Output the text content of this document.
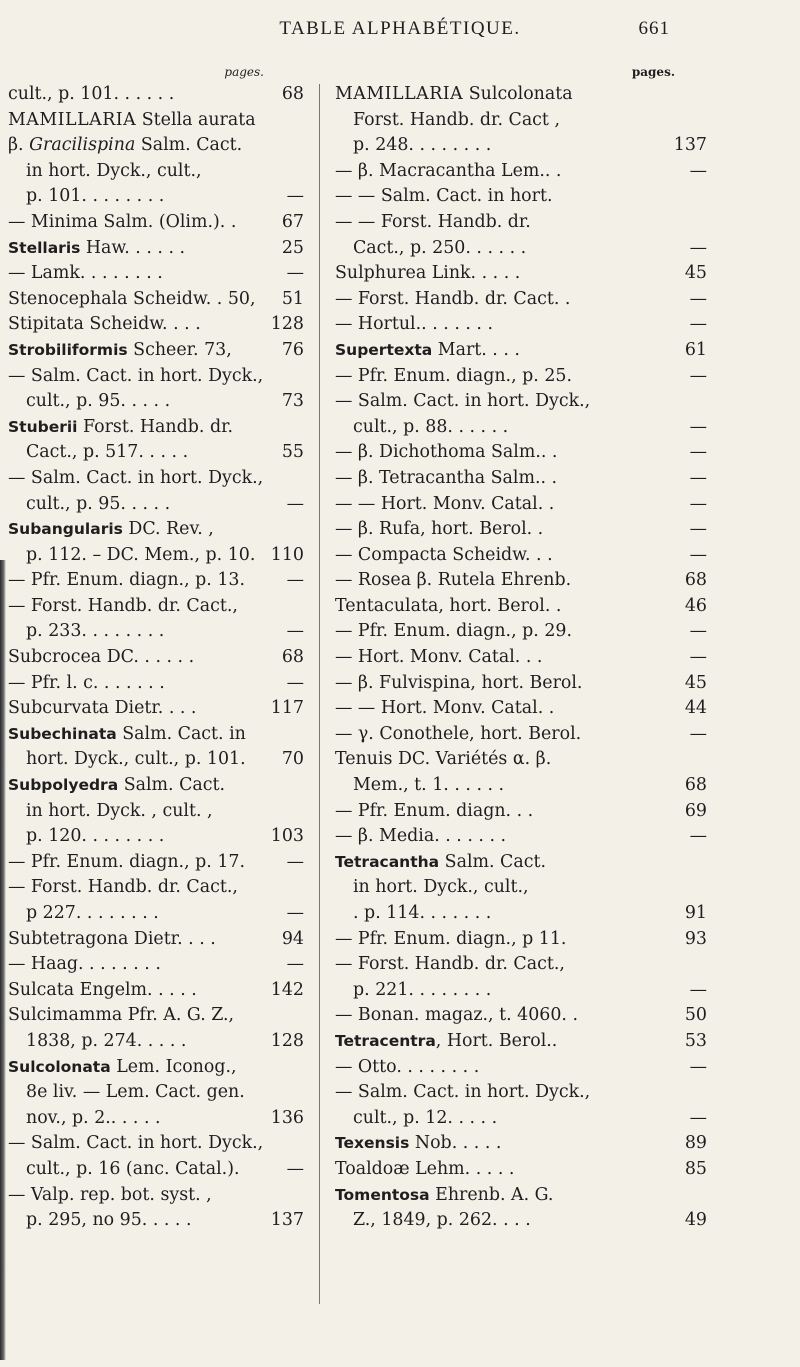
TABLE ALPHABÉTIQUE.	661
pages.
cult., p. 101. . . . . .	68
MAMILLARIA Stella aurata
β. Gracilispina Salm. Cact.
in hort. Dyck., cult.,
p. 101. . . . . . . .	—
— Minima Salm. (Olim.). .	67
Stellaris Haw. . . . . .	25
— Lamk. . . . . . . .	—
Stenocephala Scheidw. . 50, 51
Stipitata Scheidw. . . .	128
Strobiliformis Scheer. 73,	76
— Salm. Cact. in hort. Dyck.,
cult., p. 95. . . . .	73
Stuberii Forst. Handb. dr.
Cact., p. 517. . . . .	55
— Salm. Cact. in hort. Dyck.,
cult., p. 95. . . . .	—
Subangularis DC. Rev. ,
p. 112. – DC. Mem., p. 10. 110
— Pfr. Enum. diagn., p. 13. —
— Forst. Handb. dr. Cact.,
p. 233. . . . . . . .	—
Subcrocea DC. . . . . .	68
— Pfr. l. c. . . . . . .	—
Subcurvata Dietr. . . .	117
Subechinata Salm. Cact. in
hort. Dyck., cult., p. 101. 70
Subpolyedra Salm. Cact.
in hort. Dyck. , cult. ,
p. 120. . . . . . . .	103
— Pfr. Enum. diagn., p. 17. —
— Forst. Handb. dr. Cact.,
p 227. . . . . . . .	—
Subtetragona Dietr. . . .	94
— Haag. . . . . . . .	—
Sulcata Engelm. . . . .	142
Sulcimamma Pfr. A. G. Z.,
1838, p. 274. . . . .	128
Sulcolonata Lem. Iconog.,
8e liv. — Lem. Cact. gen.
nov., p. 2.. . . . .	136
— Salm. Cact. in hort. Dyck.,
cult., p. 16 (anc. Catal.).	—
— Valp. rep. bot. syst. ,
p. 295, no 95. . . . .	137
pages.
MAMILLARIA Sulcolonata
Forst. Handb. dr. Cact ,
p. 248. . . . . . . .	137
— β. Macracantha Lem.. .	—
— — Salm. Cact. in hort.
— — Forst. Handb. dr.
Cact., p. 250. . . . . .	—
Sulphurea Link. . . . .	45
— Forst. Handb. dr. Cact. .	—
— Hortul.. . . . . . .	—
Supertexta Mart. . . .	61
— Pfr. Enum. diagn., p. 25.	—
— Salm. Cact. in hort. Dyck.,
cult., p. 88. . . . . .	—
— β. Dichothoma Salm.. .	—
— β. Tetracantha Salm.. .	—
— — Hort. Monv. Catal. .	—
— β. Rufa, hort. Berol. .	—
— Compacta Scheidw. . .	—
— Rosea β. Rutela Ehrenb.	68
Tentaculata, hort. Berol. .	46
— Pfr. Enum. diagn., p. 29.	—
— Hort. Monv. Catal. . .	—
— β. Fulvispina, hort. Berol.	45
— — Hort. Monv. Catal. .	44
— γ. Conothele, hort. Berol.	—
Tenuis DC. Variétés α. β.
Mem., t. 1. . . . . .	68
— Pfr. Enum. diagn. . .	69
— β. Media. . . . . . .	—
Tetracantha Salm. Cact.
in hort. Dyck., cult.,
. p. 114. . . . . . .	91
— Pfr. Enum. diagn., p 11.	93
— Forst. Handb. dr. Cact.,
p. 221. . . . . . . .	—
— Bonan. magaz., t. 4060. .	50
Tetracentra, Hort. Berol..	53
— Otto. . . . . . . .	—
— Salm. Cact. in hort. Dyck.,
cult., p. 12. . . . .	—
Texensis Nob. . . . .	89
Toaldoæ Lehm. . . . .	85
Tomentosa Ehrenb. A. G.
Z., 1849, p. 262. . . .	49
